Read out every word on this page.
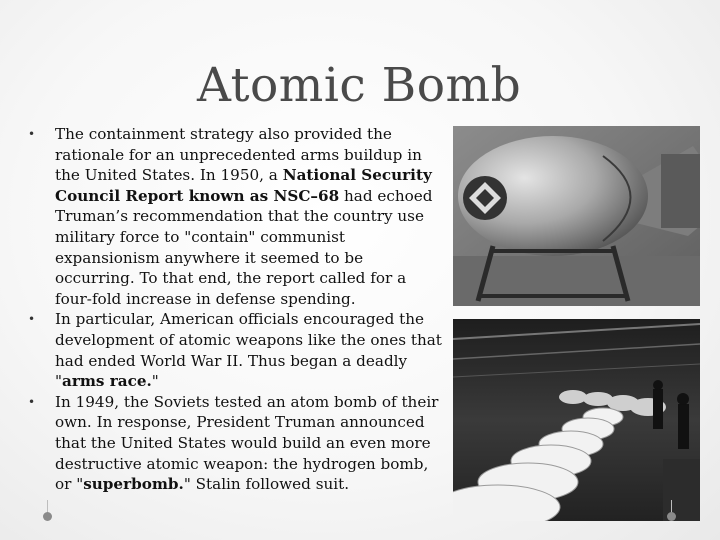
Atomic Bomb
• The containment strategy also provided the rationale for an unprecedented arms buildup in the United States. In 1950, a National Security Council Report known as NSC–68 had echoed Truman’s recommendation that the country use military force to "contain" communist expansionism anywhere it seemed to be occurring. To that end, the report called for a four-fold increase in defense spending.
• In particular, American officials encouraged the development of atomic weapons like the ones that had ended World War II. Thus began a deadly "arms race."
• In 1949, the Soviets tested an atom bomb of their own. In response, President Truman announced that the United States would build an even more destructive atomic weapon: the hydrogen bomb, or "superbomb." Stalin followed suit.
